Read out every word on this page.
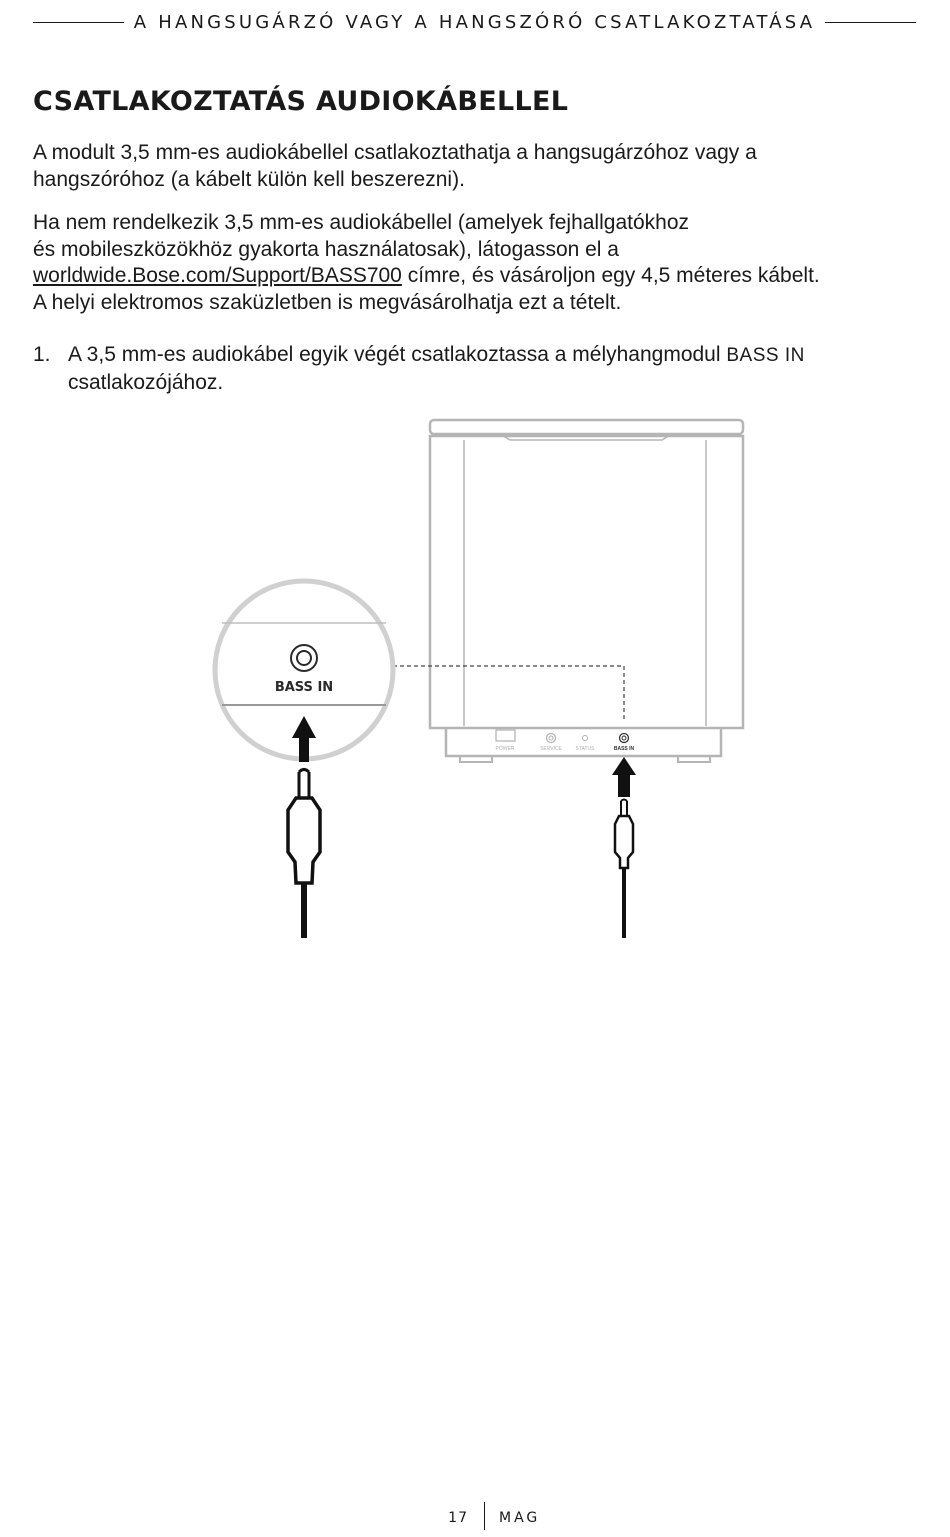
A HANGSUGÁRZÓ VAGY A HANGSZÓRÓ CSATLAKOZTATÁSA
CSATLAKOZTATÁS AUDIOKÁBELLEL

A modult 3,5 mm-es audiokábellel csatlakoztathatja a hangsugárzóhoz vagy a
hangszóróhoz (a kábelt külön kell beszerezni).

Ha nem rendelkezik 3,5 mm-es audiokábellel (amelyek fejhallgatókhoz
és mobileszközökhöz gyakorta használatosak), látogasson el a
worldwide.Bose.com/Support/BASS700 címre, és vásároljon egy 4,5 méteres kábelt.
A helyi elektromos szaküzletben is megvásárolhatja ezt a tételt.

1. A 3,5 mm-es audiokábel egyik végét csatlakoztassa a mélyhangmodul BASS IN
csatlakozójához.
POWER	SERVICE	STATUS	BASS IN
BASS IN
17 MAG
